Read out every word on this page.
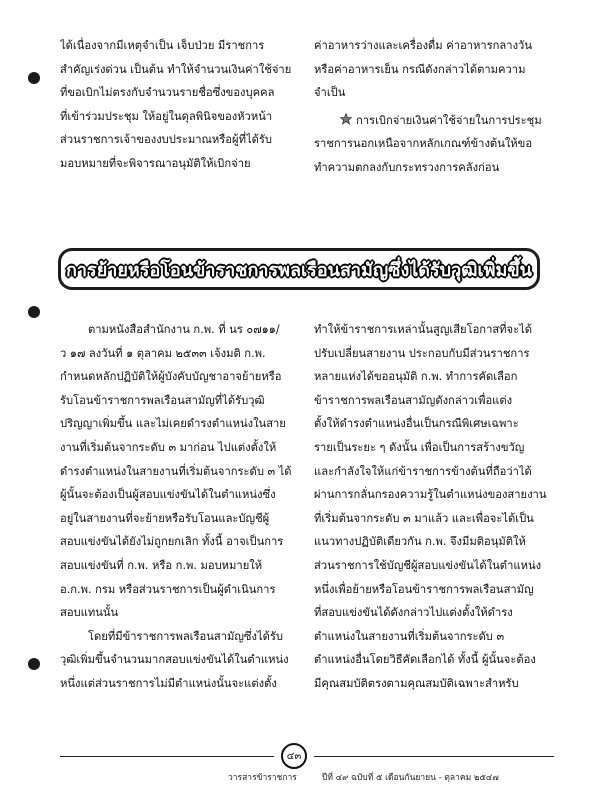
ได้เนื่องจากมีเหตุจำเป็น เจ็บป่วย มีราชการ

สำคัญเร่งด่วน เป็นต้น ทำให้จำนวนเงินค่าใช้จ่าย

ที่ขอเบิกไม่ตรงกับจำนวนรายชื่อซึ่งของบุคคล

ที่เข้าร่วมประชุม ให้อยู่ในดุลพินิจของหัวหน้า

ส่วนราชการเจ้าของงบประมาณหรือผู้ที่ได้รับ

มอบหมายที่จะพิจารณาอนุมัติให้เบิกจ่าย

ค่าอาหารว่างและเครื่องดื่ม ค่าอาหารกลางวัน

หรือค่าอาหารเย็น กรณีดังกล่าวได้ตามความ

จำเป็น

การเบิกจ่ายเงินค่าใช้จ่ายในการประชุม

ราชการนอกเหนือจากหลักเกณฑ์ข้างต้นให้ขอ

ทำความตกลงกับกระทรวงการคลังก่อน

การย้ายหรือโอนข้าราชการพลเรือนสามัญซึ่งได้รับวุฒิเพิ่มขึ้น

ตามหนังสือสำนักงาน ก.พ. ที่ นร ๐๗๑๑/

ว ๑๗ ลงวันที่ ๑ ตุลาคม ๒๕๓๓ เจ้งมติ ก.พ.

กำหนดหลักปฏิบัติให้ผู้บังคับบัญชาอาจย้ายหรือ

รับโอนข้าราชการพลเรือนสามัญที่ได้รับวุฒิ

ปริญญาเพิ่มขึ้น และไม่เคยดำรงตำแหน่งในสาย

งานที่เริ่มต้นจากระดับ ๓ มาก่อน ไปแต่งตั้งให้

ดำรงตำแหน่งในสายงานที่เริ่มต้นจากระดับ ๓ ได้

ผู้นั้นจะต้องเป็นผู้สอบแข่งขันได้ในตำแหน่งซึ่ง

อยู่ในสายงานที่จะย้ายหรือรับโอนและบัญชีผู้

สอบแข่งขันได้ยังไม่ถูกยกเลิก ทั้งนี้ อาจเป็นการ

สอบแข่งขันที่ ก.พ. หรือ ก.พ. มอบหมายให้

อ.ก.พ. กรม หรือส่วนราชการเป็นผู้ดำเนินการ

สอบแทนนั้น

โดยที่มีข้าราชการพลเรือนสามัญซึ่งได้รับ

วุฒิเพิ่มขึ้นจำนวนมากสอบแข่งขันได้ในตำแหน่ง

หนึ่งแต่ส่วนราชการไม่มีตำแหน่งนั้นจะแต่งตั้ง

ทำให้ข้าราชการเหล่านั้นสูญเสียโอกาสที่จะได้

ปรับเปลี่ยนสายงาน ประกอบกับมีส่วนราชการ

หลายแห่งได้ขออนุมัติ ก.พ. ทำการคัดเลือก

ข้าราชการพลเรือนสามัญดังกล่าวเพื่อแต่ง

ตั้งให้ดำรงตำแหน่งอื่นเป็นกรณีพิเศษเฉพาะ

รายเป็นระยะ ๆ ดังนั้น เพื่อเป็นการสร้างขวัญ

และกำลังใจให้แก่ข้าราชการข้างต้นที่ถือว่าได้

ผ่านการกลั่นกรองความรู้ในตำแหน่งของสายงาน

ที่เริ่มต้นจากระดับ ๓ มาแล้ว และเพื่อจะได้เป็น

แนวทางปฏิบัติเดียวกัน ก.พ. จึงมีมติอนุมัติให้

ส่วนราชการใช้บัญชีผู้สอบแข่งขันได้ในตำแหน่ง

หนึ่งเพื่อย้ายหรือโอนข้าราชการพลเรือนสามัญ

ที่สอบแข่งขันได้ดังกล่าวไปแต่งตั้งให้ดำรง

ตำแหน่งในสายงานที่เริ่มต้นจากระดับ ๓

ตำแหน่งอื่นโดยวิธีคัดเลือกได้ ทั้งนี้ ผู้นั้นจะต้อง

มีคุณสมบัติตรงตามคุณสมบัติเฉพาะสำหรับ

๔๓
วารสารข้าราชการ	ปีที่ ๔๙ ฉบับที่ ๕ เดือนกันยายน - ตุลาคม ๒๕๔๗
